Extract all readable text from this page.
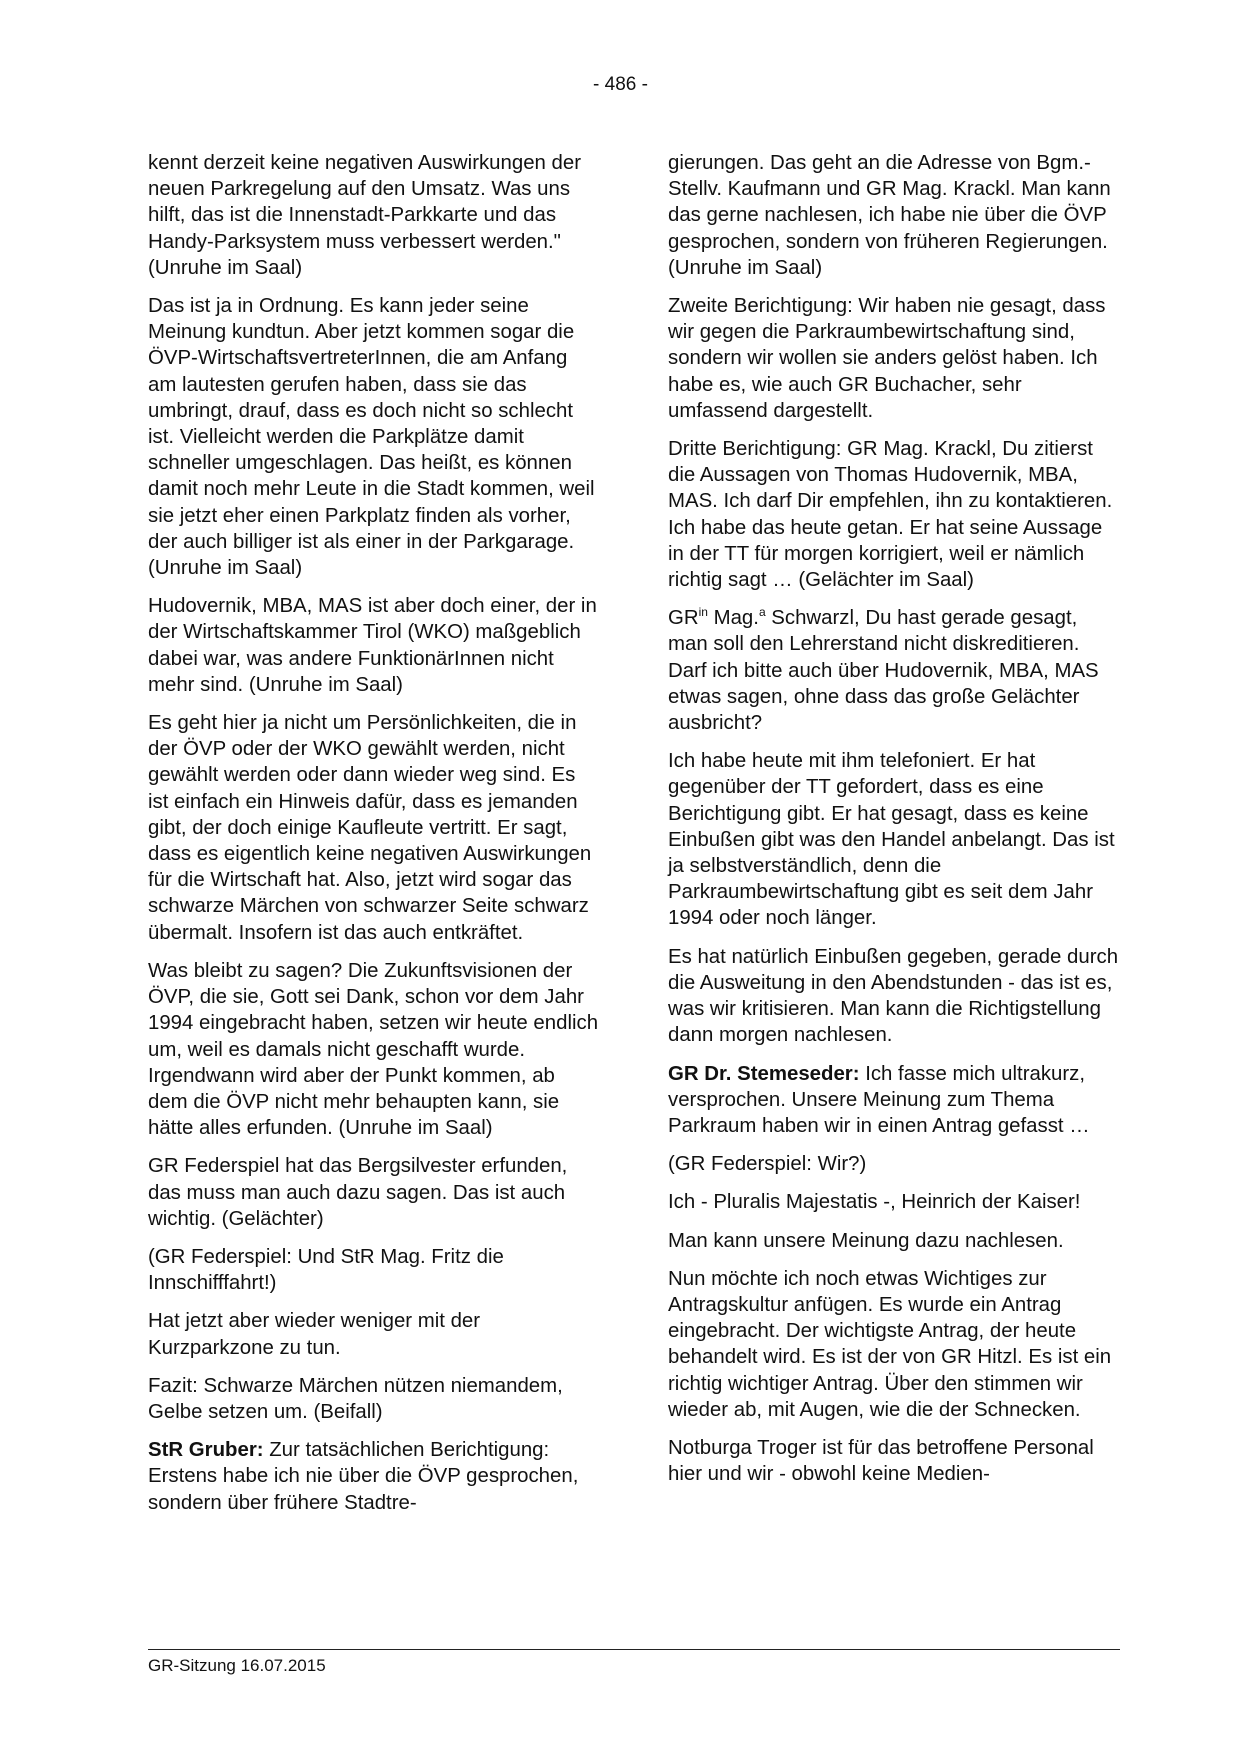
- 486 -

kennt derzeit keine negativen Auswirkungen der neuen Parkregelung auf den Umsatz. Was uns hilft, das ist die Innenstadt-Parkkarte und das Handy-Parksystem muss verbessert werden." (Unruhe im Saal)

Das ist ja in Ordnung. Es kann jeder seine Meinung kundtun. Aber jetzt kommen sogar die ÖVP-WirtschaftsvertreterInnen, die am Anfang am lautesten gerufen haben, dass sie das umbringt, drauf, dass es doch nicht so schlecht ist. Vielleicht werden die Parkplätze damit schneller umgeschlagen. Das heißt, es können damit noch mehr Leute in die Stadt kommen, weil sie jetzt eher einen Parkplatz finden als vorher, der auch billiger ist als einer in der Parkgarage. (Unruhe im Saal)

Hudovernik, MBA, MAS ist aber doch einer, der in der Wirtschaftskammer Tirol (WKO) maßgeblich dabei war, was andere FunktionärInnen nicht mehr sind. (Unruhe im Saal)

Es geht hier ja nicht um Persönlichkeiten, die in der ÖVP oder der WKO gewählt werden, nicht gewählt werden oder dann wieder weg sind. Es ist einfach ein Hinweis dafür, dass es jemanden gibt, der doch einige Kaufleute vertritt. Er sagt, dass es eigentlich keine negativen Auswirkungen für die Wirtschaft hat. Also, jetzt wird sogar das schwarze Märchen von schwarzer Seite schwarz übermalt. Insofern ist das auch entkräftet.

Was bleibt zu sagen? Die Zukunftsvisionen der ÖVP, die sie, Gott sei Dank, schon vor dem Jahr 1994 eingebracht haben, setzen wir heute endlich um, weil es damals nicht geschafft wurde. Irgendwann wird aber der Punkt kommen, ab dem die ÖVP nicht mehr behaupten kann, sie hätte alles erfunden. (Unruhe im Saal)

GR Federspiel hat das Bergsilvester erfunden, das muss man auch dazu sagen. Das ist auch wichtig. (Gelächter)

(GR Federspiel: Und StR Mag. Fritz die Innschifffahrt!)

Hat jetzt aber wieder weniger mit der Kurzparkzone zu tun.

Fazit: Schwarze Märchen nützen niemandem, Gelbe setzen um. (Beifall)

StR Gruber: Zur tatsächlichen Berichtigung: Erstens habe ich nie über die ÖVP gesprochen, sondern über frühere Stadtre-

gierungen. Das geht an die Adresse von Bgm.-Stellv. Kaufmann und GR Mag. Krackl. Man kann das gerne nachlesen, ich habe nie über die ÖVP gesprochen, sondern von früheren Regierungen. (Unruhe im Saal)

Zweite Berichtigung: Wir haben nie gesagt, dass wir gegen die Parkraumbewirtschaftung sind, sondern wir wollen sie anders gelöst haben. Ich habe es, wie auch GR Buchacher, sehr umfassend dargestellt.

Dritte Berichtigung: GR Mag. Krackl, Du zitierst die Aussagen von Thomas Hudovernik, MBA, MAS. Ich darf Dir empfehlen, ihn zu kontaktieren. Ich habe das heute getan. Er hat seine Aussage in der TT für morgen korrigiert, weil er nämlich richtig sagt … (Gelächter im Saal)

$GR^{in}$ Mag.$^a$ Schwarzl, Du hast gerade gesagt, man soll den Lehrerstand nicht diskreditieren. Darf ich bitte auch über Hudovernik, MBA, MAS etwas sagen, ohne dass das große Gelächter ausbricht?

Ich habe heute mit ihm telefoniert. Er hat gegenüber der TT gefordert, dass es eine Berichtigung gibt. Er hat gesagt, dass es keine Einbußen gibt was den Handel anbelangt. Das ist ja selbstverständlich, denn die Parkraumbewirtschaftung gibt es seit dem Jahr 1994 oder noch länger.

Es hat natürlich Einbußen gegeben, gerade durch die Ausweitung in den Abendstunden - das ist es, was wir kritisieren. Man kann die Richtigstellung dann morgen nachlesen.

GR Dr. Stemeseder: Ich fasse mich ultrakurz, versprochen. Unsere Meinung zum Thema Parkraum haben wir in einen Antrag gefasst …

(GR Federspiel: Wir?)

Ich - Pluralis Majestatis -, Heinrich der Kaiser!

Man kann unsere Meinung dazu nachlesen.

Nun möchte ich noch etwas Wichtiges zur Antragskultur anfügen. Es wurde ein Antrag eingebracht. Der wichtigste Antrag, der heute behandelt wird. Es ist der von GR Hitzl. Es ist ein richtig wichtiger Antrag. Über den stimmen wir wieder ab, mit Augen, wie die der Schnecken.

Notburga Troger ist für das betroffene Personal hier und wir - obwohl keine Medien-

GR-Sitzung 16.07.2015
